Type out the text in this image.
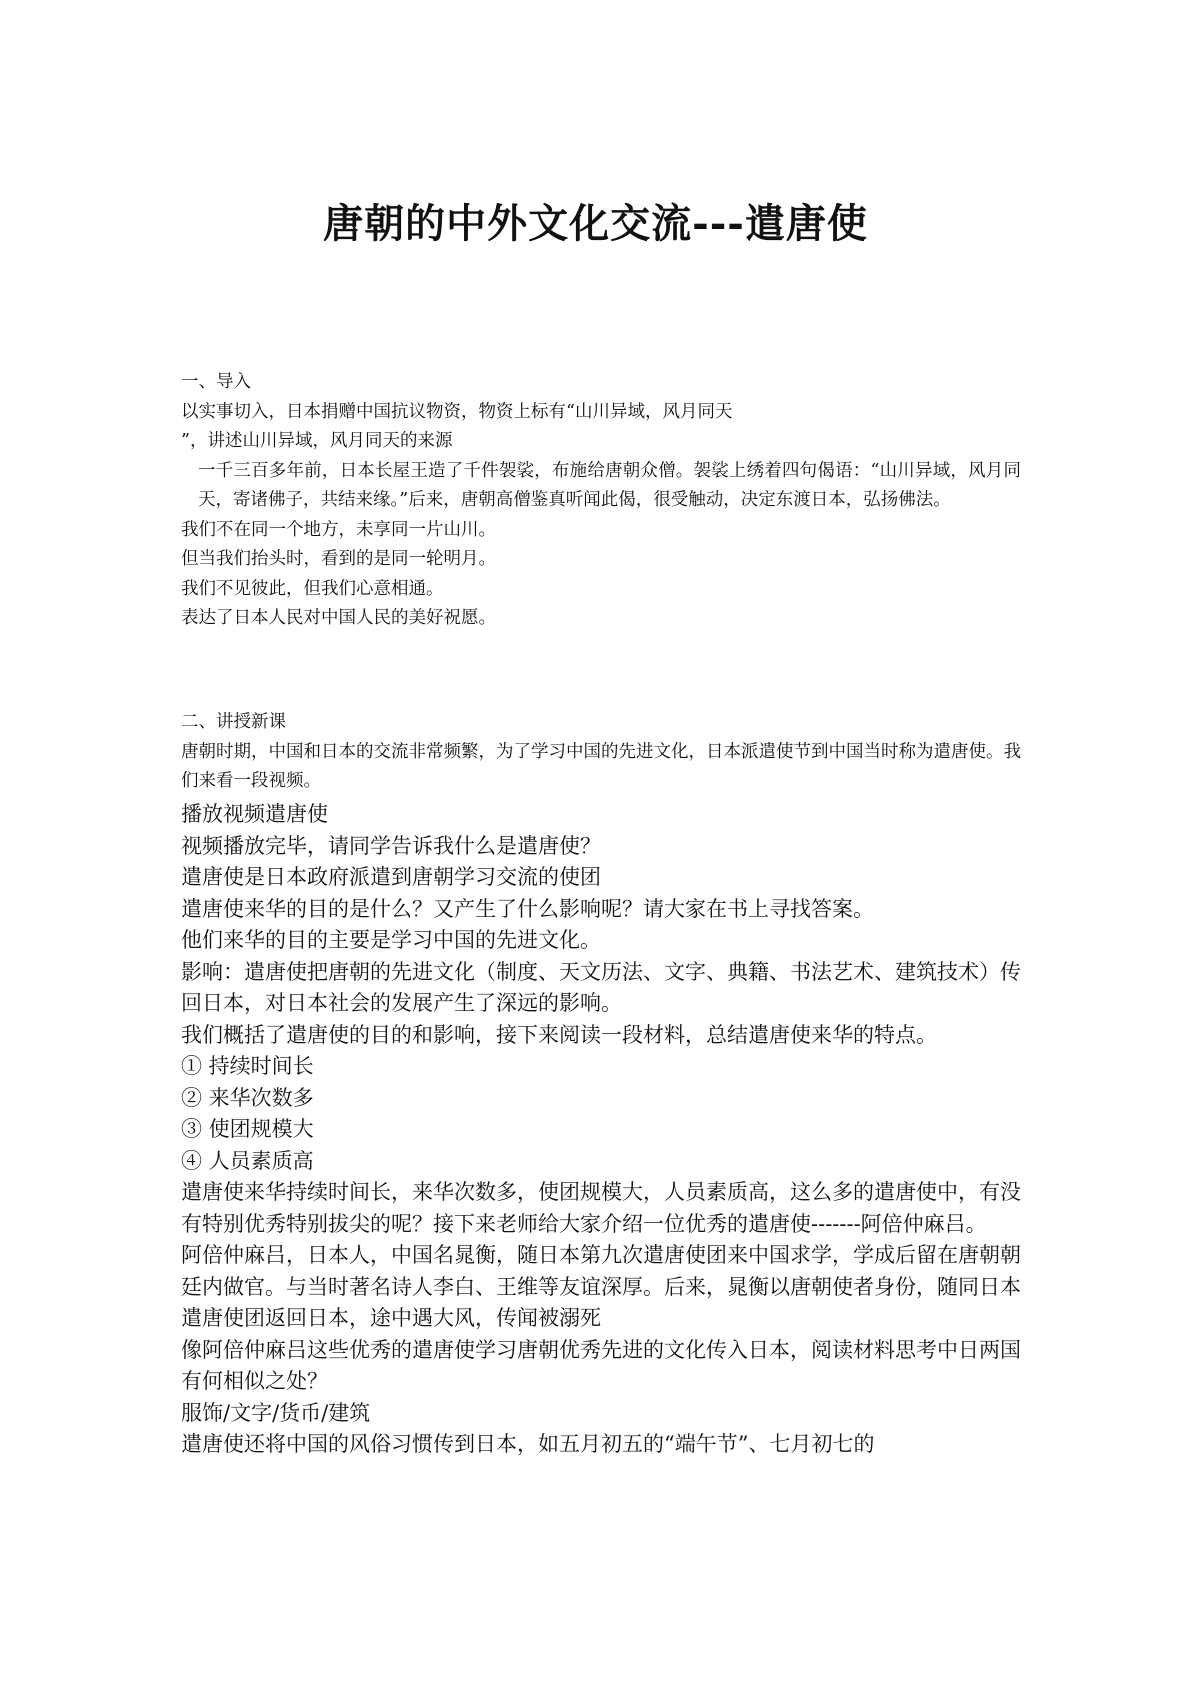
唐朝的中外文化交流---遣唐使
一、导入
以实事切入，日本捐赠中国抗议物资，物资上标有“山川异域，风月同天
”，讲述山川异域，风月同天的来源
一千三百多年前，日本长屋王造了千件袈裟，布施给唐朝众僧。袈裟上绣着四句偈语：“山川异域，风月同天，寄诸佛子，共结来缘。”后来，唐朝高僧鉴真听闻此偈，很受触动，决定东渡日本，弘扬佛法。
我们不在同一个地方，未享同一片山川。
但当我们抬头时，看到的是同一轮明月。
我们不见彼此，但我们心意相通。
表达了日本人民对中国人民的美好祝愿。
二、讲授新课
唐朝时期，中国和日本的交流非常频繁，为了学习中国的先进文化，日本派遣使节到中国当时称为遣唐使。我们来看一段视频。
播放视频遣唐使
视频播放完毕，请同学告诉我什么是遣唐使？
遣唐使是日本政府派遣到唐朝学习交流的使团
遣唐使来华的目的是什么？又产生了什么影响呢？请大家在书上寻找答案。
他们来华的目的主要是学习中国的先进文化。
影响：遣唐使把唐朝的先进文化（制度、天文历法、文字、典籍、书法艺术、建筑技术）传回日本，对日本社会的发展产生了深远的影响。
我们概括了遣唐使的目的和影响，接下来阅读一段材料，总结遣唐使来华的特点。
① 持续时间长
② 来华次数多
③ 使团规模大
④ 人员素质高
遣唐使来华持续时间长，来华次数多，使团规模大，人员素质高，这么多的遣唐使中，有没有特别优秀特别拔尖的呢？接下来老师给大家介绍一位优秀的遣唐使-------阿倍仲麻吕。
阿倍仲麻吕，日本人，中国名晁衡，随日本第九次遣唐使团来中国求学，学成后留在唐朝朝廷内做官。与当时著名诗人李白、王维等友谊深厚。后来，晁衡以唐朝使者身份，随同日本遣唐使团返回日本，途中遇大风，传闻被溺死
像阿倍仲麻吕这些优秀的遣唐使学习唐朝优秀先进的文化传入日本，阅读材料思考中日两国有何相似之处？
服饰/文字/货币/建筑
遣唐使还将中国的风俗习惯传到日本，如五月初五的“端午节”、七月初七的
